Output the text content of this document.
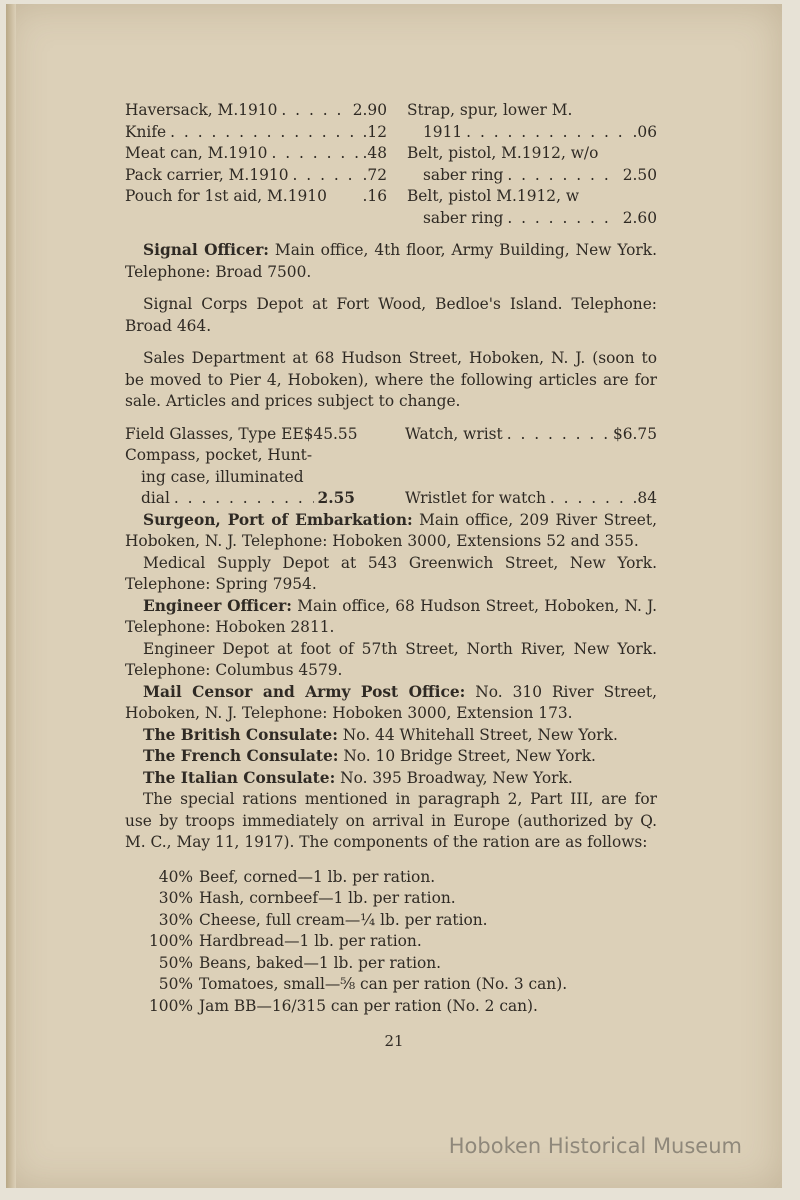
Haversack, M.1910 . . .	2.90
Knife . . .	.12
Meat can, M.1910 . . .	.48
Pack carrier, M.1910 . . .	.72
Pouch for 1st aid, M.1910 .16
Strap, spur, lower M.
1911 . . .	.06
Belt, pistol, M.1912, w/o
saber ring . . .	2.50
Belt, pistol M.1912, w
saber ring . . .	2.60

Signal Officer: Main office, 4th floor, Army Building, New York. Telephone: Broad 7500.

Signal Corps Depot at Fort Wood, Bedloe's Island. Telephone: Broad 464.

Sales Department at 68 Hudson Street, Hoboken, N. J. (soon to be moved to Pier 4, Hoboken), where the following articles are for sale. Articles and prices subject to change.

Field Glasses, Type EE $45.55
Compass, pocket, Hunt-
ing case, illuminated
dial . . .	2.55
Watch, wrist . . .	$6.75
Wristlet for watch . . .	.84

Surgeon, Port of Embarkation: Main office, 209 River Street, Hoboken, N. J. Telephone: Hoboken 3000, Extensions 52 and 355.

Medical Supply Depot at 543 Greenwich Street, New York. Telephone: Spring 7954.

Engineer Officer: Main office, 68 Hudson Street, Hoboken, N. J. Telephone: Hoboken 2811.

Engineer Depot at foot of 57th Street, North River, New York. Telephone: Columbus 4579.

Mail Censor and Army Post Office: No. 310 River Street, Hoboken, N. J. Telephone: Hoboken 3000, Extension 173.

The British Consulate: No. 44 Whitehall Street, New York.

The French Consulate: No. 10 Bridge Street, New York.

The Italian Consulate: No. 395 Broadway, New York.

The special rations mentioned in paragraph 2, Part III, are for use by troops immediately on arrival in Europe (authorized by Q. M. C., May 11, 1917). The components of the ration are as follows:

40% Beef, corned—1 lb. per ration.
30% Hash, cornbeef—1 lb. per ration.
30% Cheese, full cream—¼ lb. per ration.
100% Hardbread—1 lb. per ration.
50% Beans, baked—1 lb. per ration.
50% Tomatoes, small—⅝ can per ration (No. 3 can).
100% Jam BB—16/315 can per ration (No. 2 can).
21
Hoboken Historical Museum
